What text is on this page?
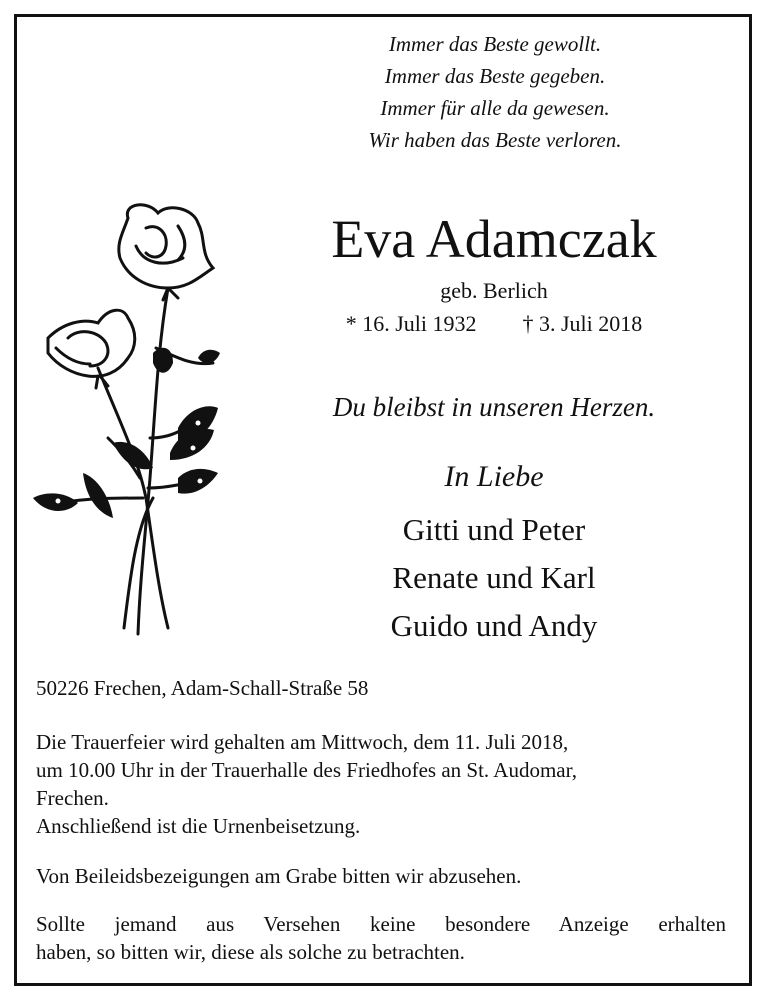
Immer das Beste gewollt.
Immer das Beste gegeben.
Immer für alle da gewesen.
Wir haben das Beste verloren.
Eva Adamczak
geb. Berlich
* 16. Juli 1932 † 3. Juli 2018
Du bleibst in unseren Herzen.
In Liebe
Gitti und Peter
Renate und Karl
Guido und Andy
50226 Frechen, Adam-Schall-Straße 58
Die Trauerfeier wird gehalten am Mittwoch, dem 11. Juli 2018,
um 10.00 Uhr in der Trauerhalle des Friedhofes an St. Audomar,
Frechen.
Anschließend ist die Urnenbeisetzung.
Von Beileidsbezeigungen am Grabe bitten wir abzusehen.
Sollte jemand aus Versehen keine besondere Anzeige erhalten
haben, so bitten wir, diese als solche zu betrachten.
